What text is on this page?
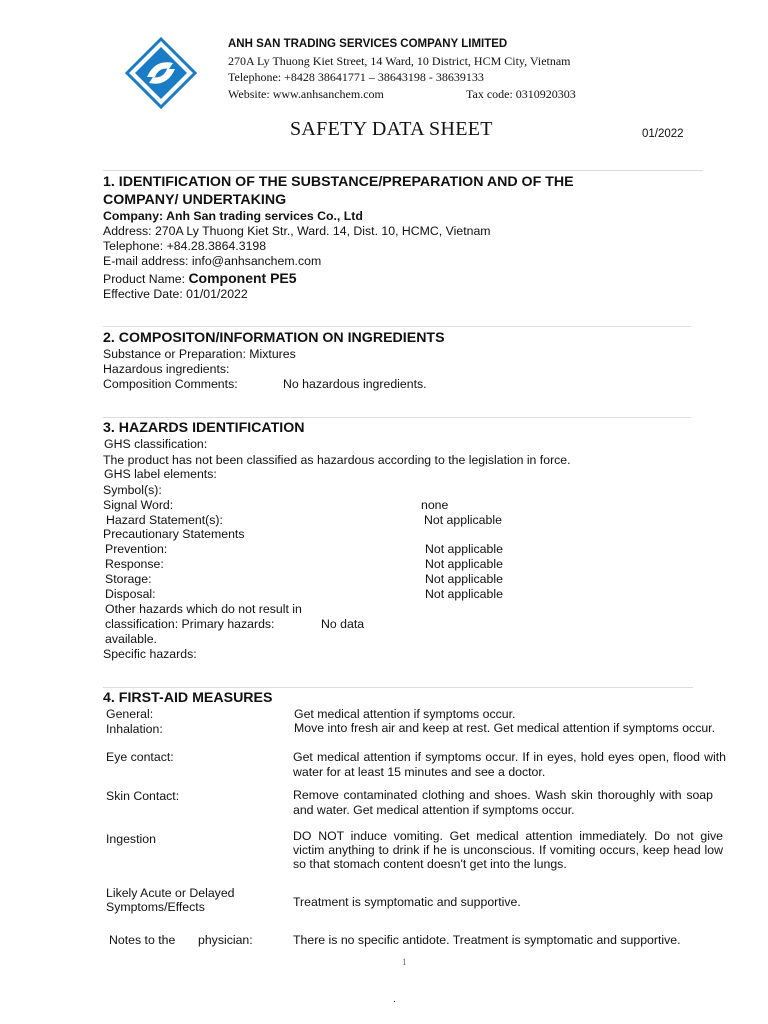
ANH SAN TRADING SERVICES COMPANY LIMITED
270A Ly Thuong Kiet Street, 14 Ward, 10 District, HCM City, Vietnam
Telephone: +8428 38641771 – 38643198 - 38639133
Website: www.anhsanchem.com	Tax code: 0310920303
SAFETY DATA SHEET	01/2022
1. IDENTIFICATION OF THE SUBSTANCE/PREPARATION AND OF THE
COMPANY/ UNDERTAKING
Company: Anh San trading services Co., Ltd
Address: 270A Ly Thuong Kiet Str., Ward. 14, Dist. 10, HCMC, Vietnam
Telephone: +84.28.3864.3198
E-mail address: info@anhsanchem.com
Product Name: Component PE5
Effective Date: 01/01/2022
2. COMPOSITON/INFORMATION ON INGREDIENTS
Substance or Preparation: Mixtures
Hazardous ingredients:
Composition Comments:	No hazardous ingredients.
3. HAZARDS IDENTIFICATION
GHS classification:
The product has not been classified as hazardous according to the legislation in force.
GHS label elements:
Symbol(s):
Signal Word:	none
Hazard Statement(s):	Not applicable
Precautionary Statements
Prevention:	Not applicable
Response:	Not applicable
Storage:	Not applicable
Disposal:	Not applicable
Other hazards which do not result in
classification: Primary hazards:	No data
available.
Specific hazards:
4. FIRST-AID MEASURES
General:	Get medical attention if symptoms occur.
Inhalation:	Move into fresh air and keep at rest. Get medical attention if symptoms occur.
Eye contact:	Get medical attention if symptoms occur. If in eyes, hold eyes open, flood with water for at least 15 minutes and see a doctor.
Skin Contact:	Remove contaminated clothing and shoes. Wash skin thoroughly with soap and water. Get medical attention if symptoms occur.
Ingestion	DO NOT induce vomiting. Get medical attention immediately. Do not give victim anything to drink if he is unconscious. If vomiting occurs, keep head low so that stomach content doesn't get into the lungs.
Likely Acute or Delayed
Symptoms/Effects	Treatment is symptomatic and supportive.
Notes to the physician:	There is no specific antidote. Treatment is symptomatic and supportive.
1
.
